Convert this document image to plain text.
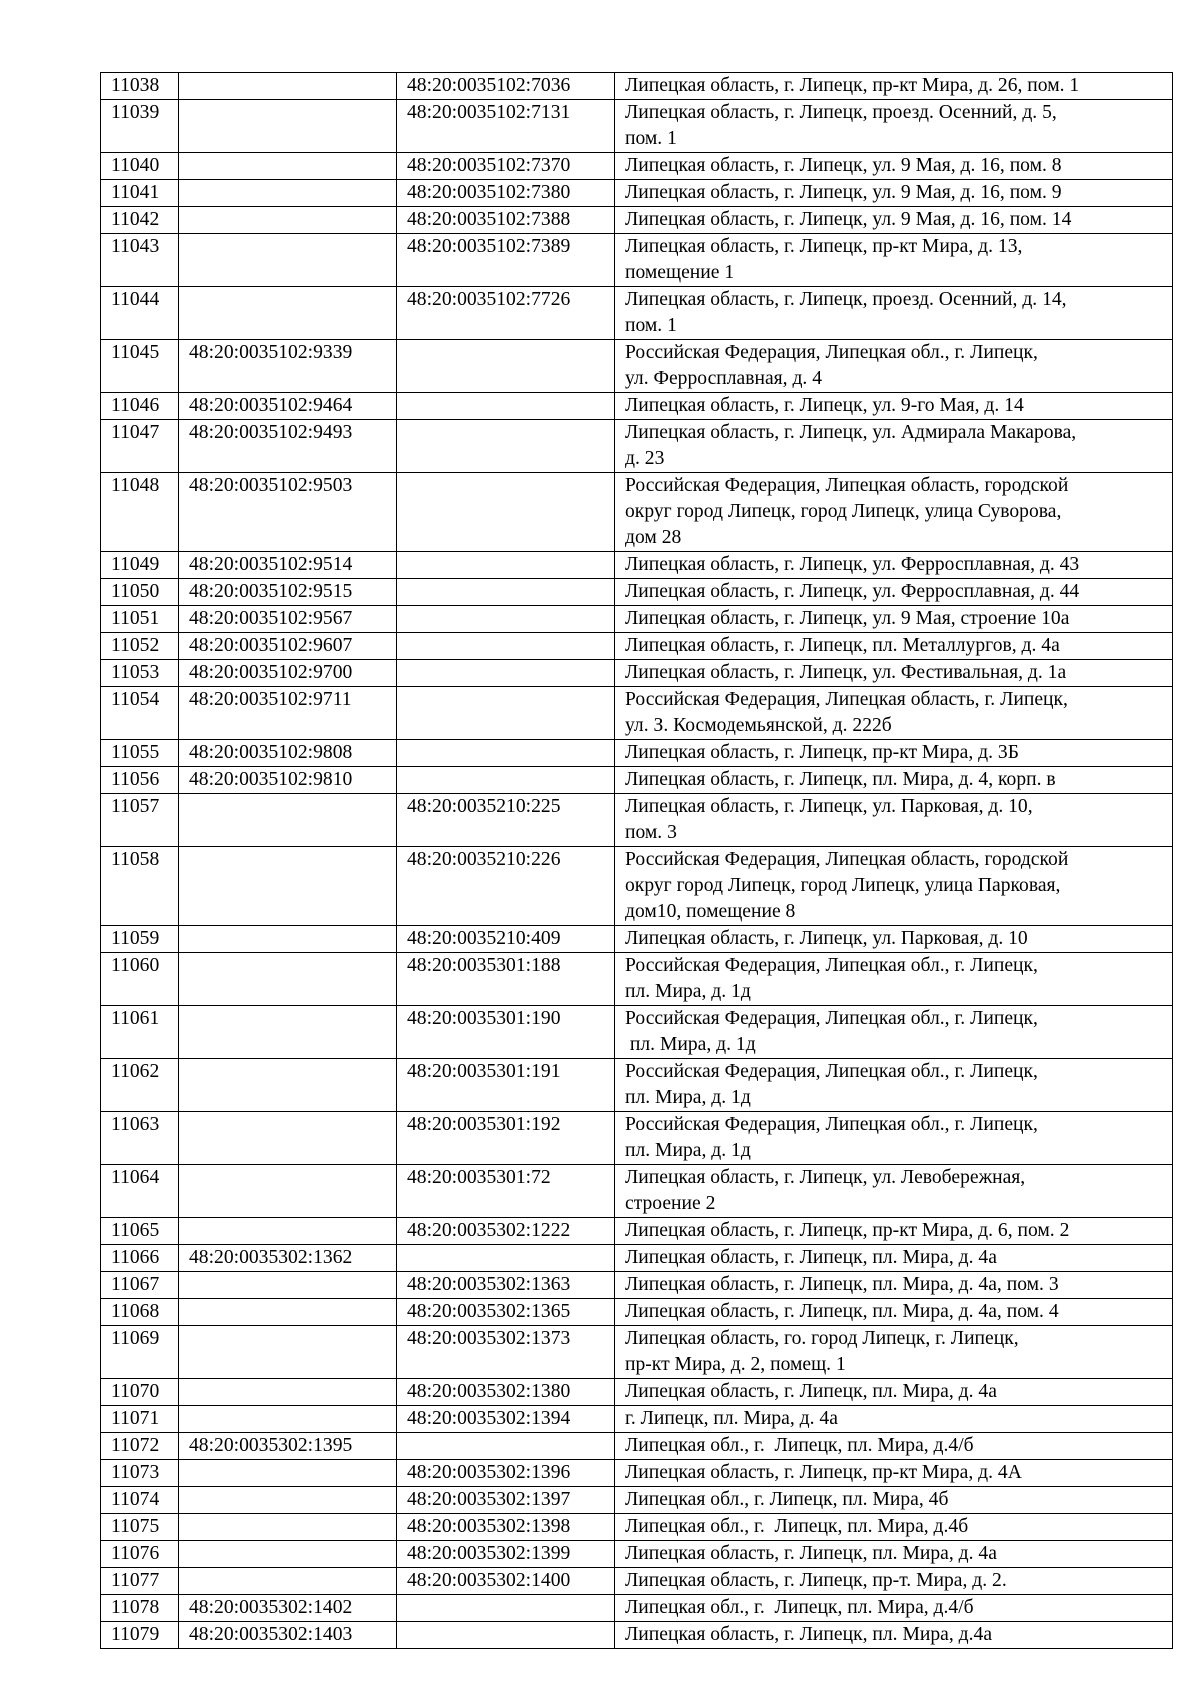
11038		48:20:0035102:7036	Липецкая область, г. Липецк, пр-кт Мира, д. 26, пом. 1
11039		48:20:0035102:7131	Липецкая область, г. Липецк, проезд. Осенний, д. 5,
пом. 1
11040		48:20:0035102:7370	Липецкая область, г. Липецк, ул. 9 Мая, д. 16, пом. 8
11041		48:20:0035102:7380	Липецкая область, г. Липецк, ул. 9 Мая, д. 16, пом. 9
11042		48:20:0035102:7388	Липецкая область, г. Липецк, ул. 9 Мая, д. 16, пом. 14
11043		48:20:0035102:7389	Липецкая область, г. Липецк, пр-кт Мира, д. 13,
помещение 1
11044		48:20:0035102:7726	Липецкая область, г. Липецк, проезд. Осенний, д. 14,
пом. 1
11045	48:20:0035102:9339		Российская Федерация, Липецкая обл., г. Липецк,
ул. Ферросплавная, д. 4
11046	48:20:0035102:9464		Липецкая область, г. Липецк, ул. 9-го Мая, д. 14
11047	48:20:0035102:9493		Липецкая область, г. Липецк, ул. Адмирала Макарова,
д. 23
11048	48:20:0035102:9503		Российская Федерация, Липецкая область, городской
округ город Липецк, город Липецк, улица Суворова,
дом 28
11049	48:20:0035102:9514		Липецкая область, г. Липецк, ул. Ферросплавная, д. 43
11050	48:20:0035102:9515		Липецкая область, г. Липецк, ул. Ферросплавная, д. 44
11051	48:20:0035102:9567		Липецкая область, г. Липецк, ул. 9 Мая, строение 10а
11052	48:20:0035102:9607		Липецкая область, г. Липецк, пл. Металлургов, д. 4а
11053	48:20:0035102:9700		Липецкая область, г. Липецк, ул. Фестивальная, д. 1а
11054	48:20:0035102:9711		Российская Федерация, Липецкая область, г. Липецк,
ул. З. Космодемьянской, д. 222б
11055	48:20:0035102:9808		Липецкая область, г. Липецк, пр-кт Мира, д. 3Б
11056	48:20:0035102:9810		Липецкая область, г. Липецк, пл. Мира, д. 4, корп. в
11057		48:20:0035210:225	Липецкая область, г. Липецк, ул. Парковая, д. 10,
пом. 3
11058		48:20:0035210:226	Российская Федерация, Липецкая область, городской
округ город Липецк, город Липецк, улица Парковая,
дом10, помещение 8
11059		48:20:0035210:409	Липецкая область, г. Липецк, ул. Парковая, д. 10
11060		48:20:0035301:188	Российская Федерация, Липецкая обл., г. Липецк,
пл. Мира, д. 1д
11061		48:20:0035301:190	Российская Федерация, Липецкая обл., г. Липецк,
пл. Мира, д. 1д
11062		48:20:0035301:191	Российская Федерация, Липецкая обл., г. Липецк,
пл. Мира, д. 1д
11063		48:20:0035301:192	Российская Федерация, Липецкая обл., г. Липецк,
пл. Мира, д. 1д
11064		48:20:0035301:72	Липецкая область, г. Липецк, ул. Левобережная,
строение 2
11065		48:20:0035302:1222	Липецкая область, г. Липецк, пр-кт Мира, д. 6, пом. 2
11066	48:20:0035302:1362		Липецкая область, г. Липецк, пл. Мира, д. 4а
11067		48:20:0035302:1363	Липецкая область, г. Липецк, пл. Мира, д. 4а, пом. 3
11068		48:20:0035302:1365	Липецкая область, г. Липецк, пл. Мира, д. 4а, пом. 4
11069		48:20:0035302:1373	Липецкая область, го. город Липецк, г. Липецк,
пр-кт Мира, д. 2, помещ. 1
11070		48:20:0035302:1380	Липецкая область, г. Липецк, пл. Мира, д. 4а
11071		48:20:0035302:1394	г. Липецк, пл. Мира, д. 4а
11072	48:20:0035302:1395		Липецкая обл., г.  Липецк, пл. Мира, д.4/б
11073		48:20:0035302:1396	Липецкая область, г. Липецк, пр-кт Мира, д. 4А
11074		48:20:0035302:1397	Липецкая обл., г. Липецк, пл. Мира, 4б
11075		48:20:0035302:1398	Липецкая обл., г.  Липецк, пл. Мира, д.4б
11076		48:20:0035302:1399	Липецкая область, г. Липецк, пл. Мира, д. 4а
11077		48:20:0035302:1400	Липецкая область, г. Липецк, пр-т. Мира, д. 2.
11078	48:20:0035302:1402		Липецкая обл., г.  Липецк, пл. Мира, д.4/б
11079	48:20:0035302:1403		Липецкая область, г. Липецк, пл. Мира, д.4а
